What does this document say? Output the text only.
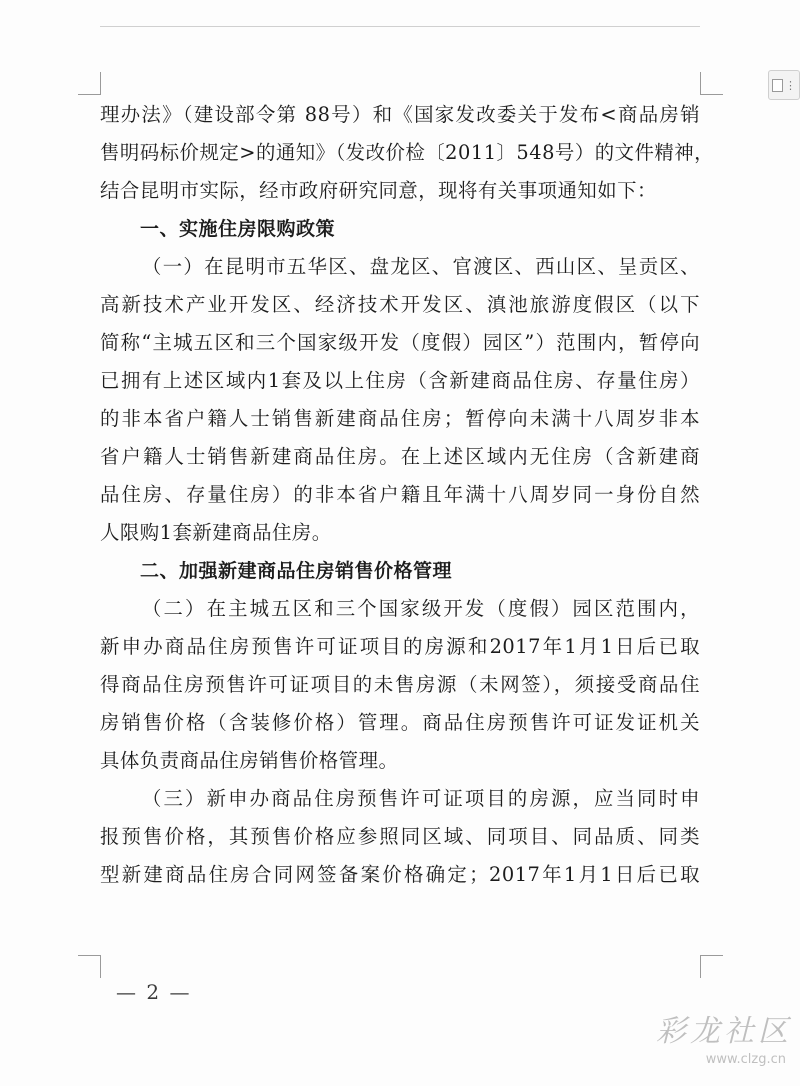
⋮
理办法》（建设部令第 88号）和《国家发改委关于发布<商品房销
售明码标价规定>的通知》（发改价检〔2011〕548号）的文件精神，
结合昆明市实际，经市政府研究同意，现将有关事项通知如下：
一、实施住房限购政策
（一）在昆明市五华区、盘龙区、官渡区、西山区、呈贡区、
高新技术产业开发区、经济技术开发区、滇池旅游度假区（以下
简称“主城五区和三个国家级开发（度假）园区”）范围内，暂停向
已拥有上述区域内1套及以上住房（含新建商品住房、存量住房）
的非本省户籍人士销售新建商品住房；暂停向未满十八周岁非本
省户籍人士销售新建商品住房。在上述区域内无住房（含新建商
品住房、存量住房）的非本省户籍且年满十八周岁同一身份自然
人限购1套新建商品住房。
二、加强新建商品住房销售价格管理
（二）在主城五区和三个国家级开发（度假）园区范围内，
新申办商品住房预售许可证项目的房源和2017年1月1日后已取
得商品住房预售许可证项目的未售房源（未网签），须接受商品住
房销售价格（含装修价格）管理。商品住房预售许可证发证机关
具体负责商品住房销售价格管理。
（三）新申办商品住房预售许可证项目的房源，应当同时申
报预售价格，其预售价格应参照同区域、同项目、同品质、同类
型新建商品住房合同网签备案价格确定；2017年1月1日后已取
— 2 —
彩龙社区
www.clzg.cn
